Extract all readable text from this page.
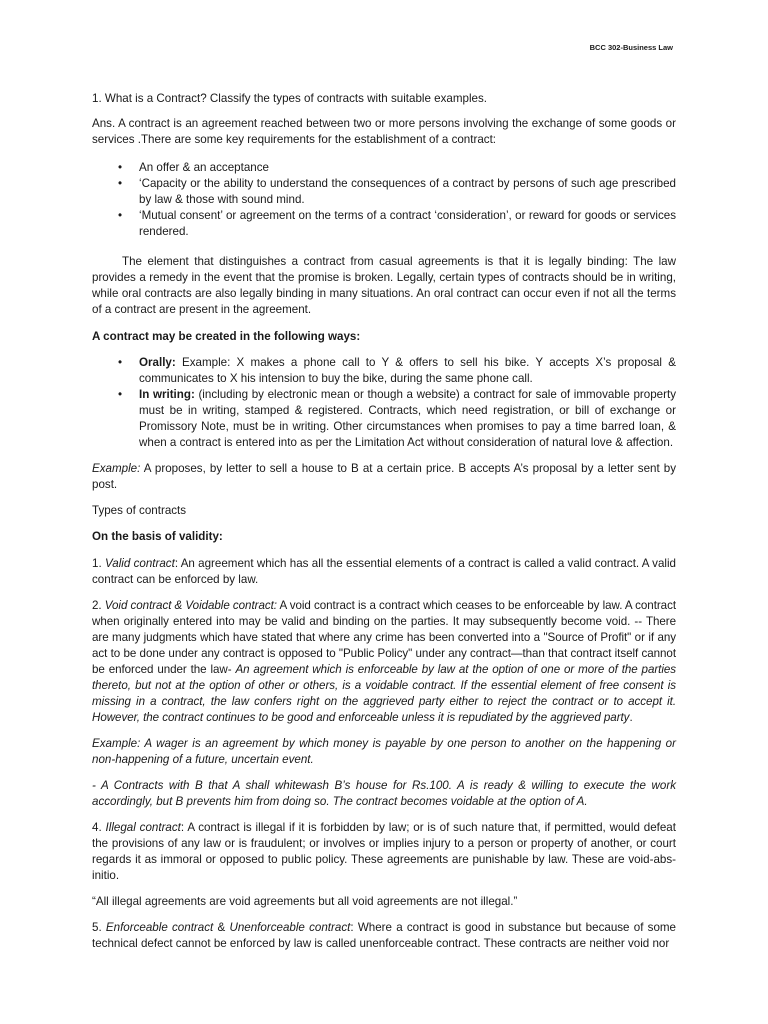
BCC 302-Business Law

1. What is a Contract? Classify the types of contracts with suitable examples.

Ans. A contract is an agreement reached between two or more persons involving the exchange of some goods or services .There are some key requirements for the establishment of a contract:

• An offer & an acceptance
• ‘Capacity or the ability to understand the consequences of a contract by persons of such age prescribed by law & those with sound mind.
• ‘Mutual consent’ or agreement on the terms of a contract ‘consideration’, or reward for goods or services rendered.

The element that distinguishes a contract from casual agreements is that it is legally binding: The law provides a remedy in the event that the promise is broken. Legally, certain types of contracts should be in writing, while oral contracts are also legally binding in many situations. An oral contract can occur even if not all the terms of a contract are present in the agreement.

A contract may be created in the following ways:

• Orally: Example: X makes a phone call to Y & offers to sell his bike. Y accepts X’s proposal & communicates to X his intension to buy the bike, during the same phone call.
• In writing: (including by electronic mean or though a website) a contract for sale of immovable property must be in writing, stamped & registered. Contracts, which need registration, or bill of exchange or Promissory Note, must be in writing. Other circumstances when promises to pay a time barred loan, & when a contract is entered into as per the Limitation Act without consideration of natural love & affection.

Example: A proposes, by letter to sell a house to B at a certain price. B accepts A’s proposal by a letter sent by post.

Types of contracts

On the basis of validity:

1. Valid contract: An agreement which has all the essential elements of a contract is called a valid contract. A valid contract can be enforced by law.

2. Void contract & Voidable contract: A void contract is a contract which ceases to be enforceable by law. A contract when originally entered into may be valid and binding on the parties. It may subsequently become void. -- There are many judgments which have stated that where any crime has been converted into a "Source of Profit" or if any act to be done under any contract is opposed to "Public Policy" under any contract—than that contract itself cannot be enforced under the law- An agreement which is enforceable by law at the option of one or more of the parties thereto, but not at the option of other or others, is a voidable contract. If the essential element of free consent is missing in a contract, the law confers right on the aggrieved party either to reject the contract or to accept it. However, the contract continues to be good and enforceable unless it is repudiated by the aggrieved party.

Example: A wager is an agreement by which money is payable by one person to another on the happening or non-happening of a future, uncertain event.

- A Contracts with B that A shall whitewash B’s house for Rs.100. A is ready & willing to execute the work accordingly, but B prevents him from doing so. The contract becomes voidable at the option of A.

4. Illegal contract: A contract is illegal if it is forbidden by law; or is of such nature that, if permitted, would defeat the provisions of any law or is fraudulent; or involves or implies injury to a person or property of another, or court regards it as immoral or opposed to public policy. These agreements are punishable by law. These are void-abs-initio.

“All illegal agreements are void agreements but all void agreements are not illegal.”

5. Enforceable contract & Unenforceable contract: Where a contract is good in substance but because of some technical defect cannot be enforced by law is called unenforceable contract. These contracts are neither void nor
